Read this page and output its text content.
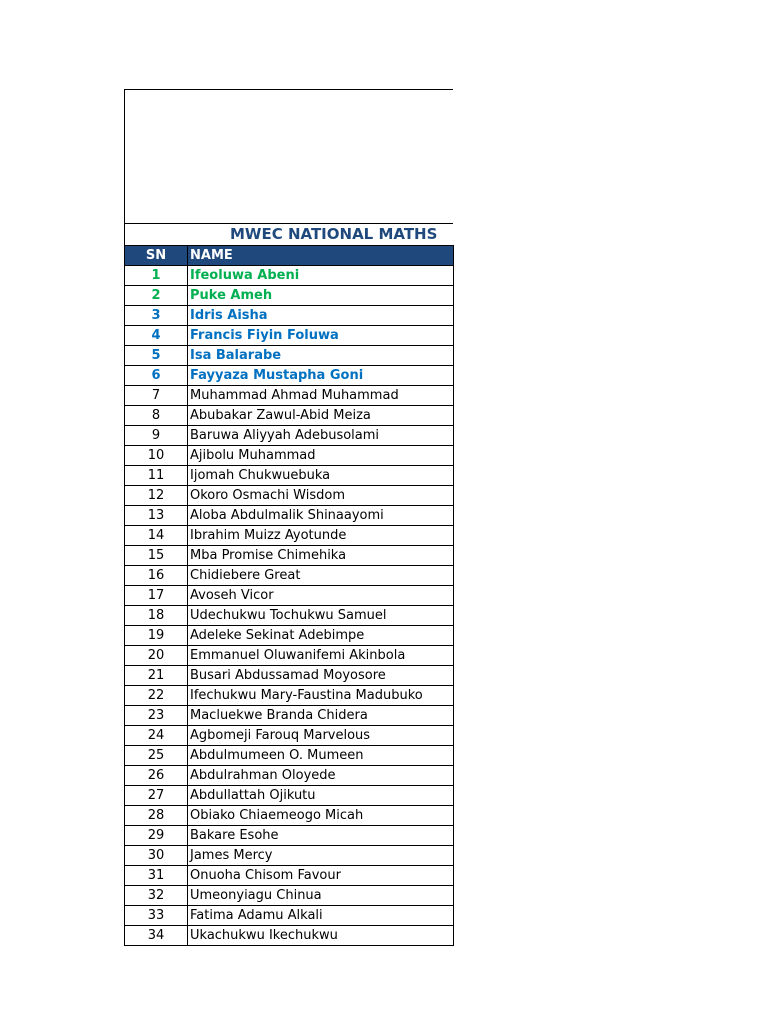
MWEC NATIONAL MATHS
SN	NAME
1	Ifeoluwa Abeni
2	Puke Ameh
3	Idris Aisha
4	Francis Fiyin Foluwa
5	Isa Balarabe
6	Fayyaza Mustapha Goni
7	Muhammad Ahmad Muhammad
8	Abubakar Zawul-Abid Meiza
9	Baruwa Aliyyah Adebusolami
10	Ajibolu Muhammad
11	Ijomah Chukwuebuka
12	Okoro Osmachi Wisdom
13	Aloba Abdulmalik Shinaayomi
14	Ibrahim Muizz Ayotunde
15	Mba Promise Chimehika
16	Chidiebere Great
17	Avoseh Vicor
18	Udechukwu Tochukwu Samuel
19	Adeleke Sekinat Adebimpe
20	Emmanuel Oluwanifemi Akinbola
21	Busari Abdussamad Moyosore
22	Ifechukwu Mary-Faustina Madubuko
23	Macluekwe Branda Chidera
24	Agbomeji Farouq Marvelous
25	Abdulmumeen O. Mumeen
26	Abdulrahman Oloyede
27	Abdullattah Ojikutu
28	Obiako Chiaemeogo Micah
29	Bakare Esohe
30	James Mercy
31	Onuoha Chisom Favour
32	Umeonyiagu Chinua
33	Fatima Adamu Alkali
34	Ukachukwu Ikechukwu
